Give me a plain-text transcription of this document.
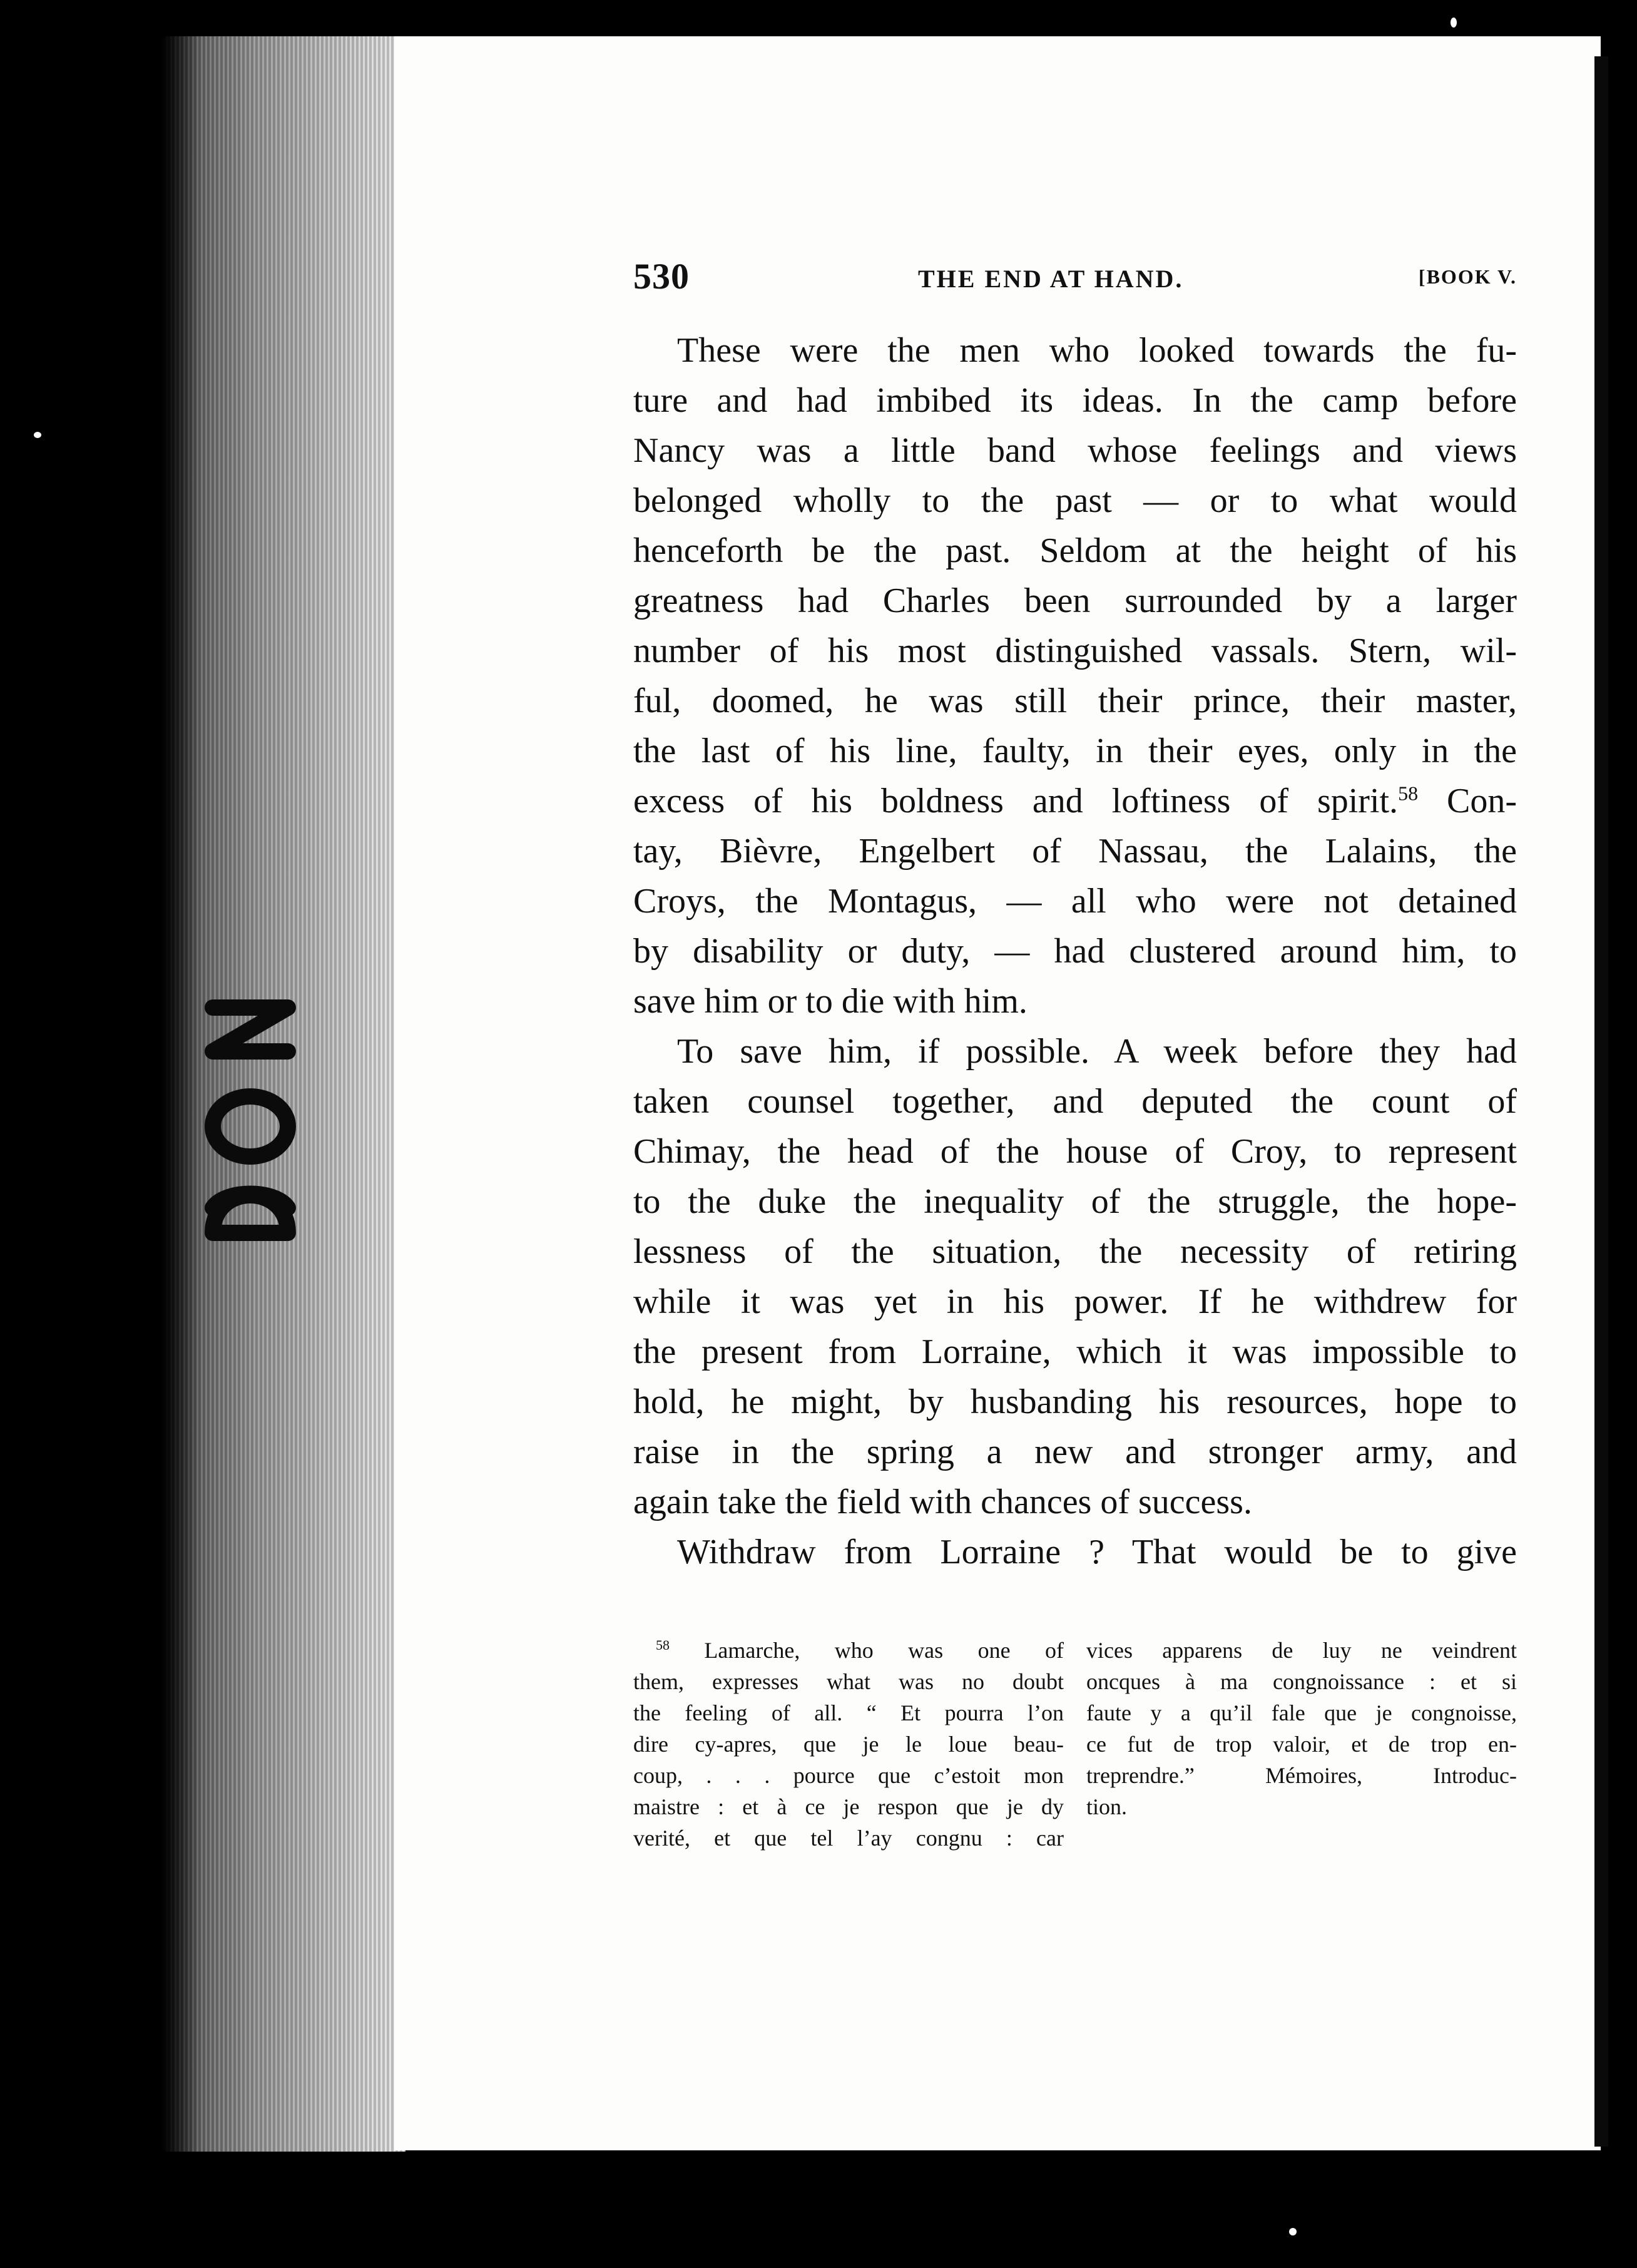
530	THE END AT HAND.	[BOOK V.
These were the men who looked towards the fu-
ture and had imbibed its ideas. In the camp before
Nancy was a little band whose feelings and views
belonged wholly to the past — or to what would
henceforth be the past. Seldom at the height of his
greatness had Charles been surrounded by a larger
number of his most distinguished vassals. Stern, wil-
ful, doomed, he was still their prince, their master,
the last of his line, faulty, in their eyes, only in the
excess of his boldness and loftiness of spirit.$^{58}$ Con-
tay, Bièvre, Engelbert of Nassau, the Lalains, the
Croys, the Montagus, — all who were not detained
by disability or duty, — had clustered around him, to
save him or to die with him.
To save him, if possible. A week before they had
taken counsel together, and deputed the count of
Chimay, the head of the house of Croy, to represent
to the duke the inequality of the struggle, the hope-
lessness of the situation, the necessity of retiring
while it was yet in his power. If he withdrew for
the present from Lorraine, which it was impossible to
hold, he might, by husbanding his resources, hope to
raise in the spring a new and stronger army, and
again take the field with chances of success.
Withdraw from Lorraine ? That would be to give
$^{58}$ Lamarche, who was one of
them, expresses what was no doubt
the feeling of all. “ Et pourra l’on
dire cy-apres, que je le loue beau-
coup, . . . pource que c’estoit mon
maistre : et à ce je respon que je dy
verité, et que tel l’ay congnu : car
vices apparens de luy ne veindrent
oncques à ma congnoissance : et si
faute y a qu’il fale que je congnoisse,
ce fut de trop valoir, et de trop en-
treprendre.” Mémoires, Introduc-
tion.
